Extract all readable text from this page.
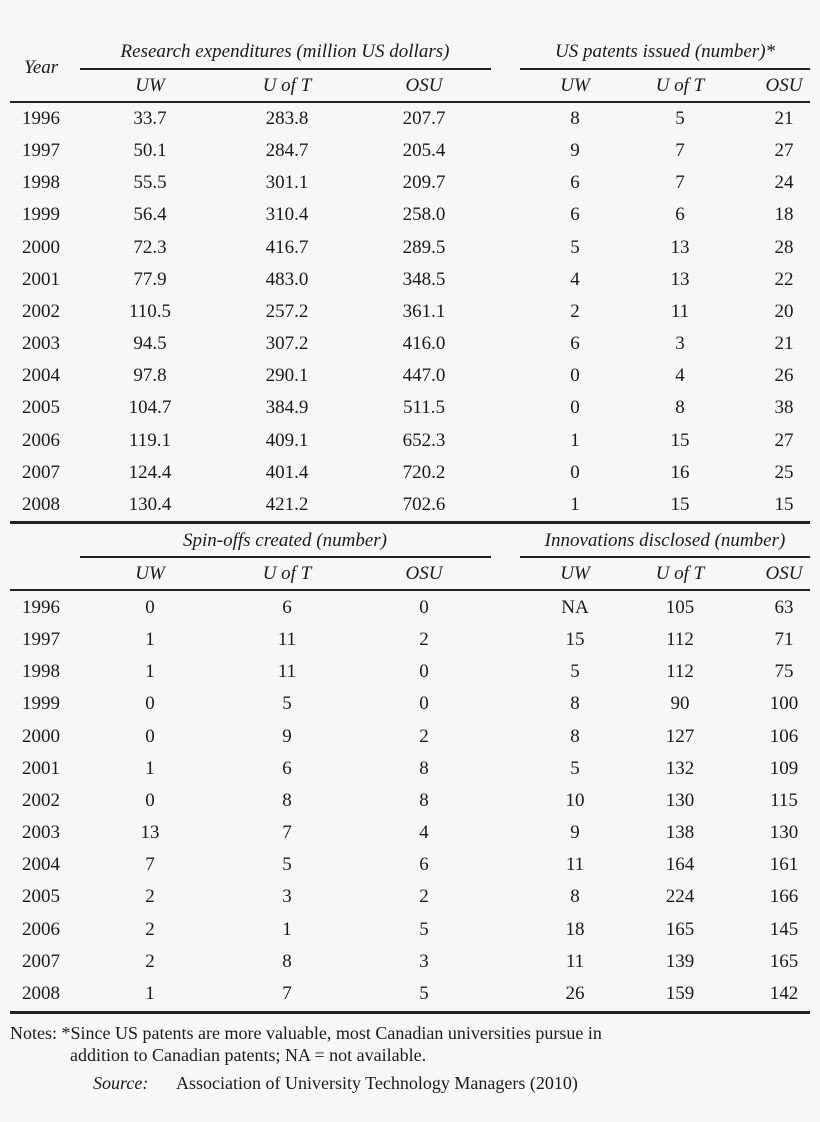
Year
Research expenditures (million US dollars)	US patents issued (number)*
UW	U of T	OSU	UW	U of T	OSU
1996	33.7	283.8	207.7	8	5	21
1997	50.1	284.7	205.4	9	7	27
1998	55.5	301.1	209.7	6	7	24
1999	56.4	310.4	258.0	6	6	18
2000	72.3	416.7	289.5	5	13	28
2001	77.9	483.0	348.5	4	13	22
2002	110.5	257.2	361.1	2	11	20
2003	94.5	307.2	416.0	6	3	21
2004	97.8	290.1	447.0	0	4	26
2005	104.7	384.9	511.5	0	8	38
2006	119.1	409.1	652.3	1	15	27
2007	124.4	401.4	720.2	0	16	25
2008	130.4	421.2	702.6	1	15	15
Spin-offs created (number)	Innovations disclosed (number)
UW	U of T	OSU	UW	U of T	OSU
1996	0	6	0	NA	105	63
1997	1	11	2	15	112	71
1998	1	11	0	5	112	75
1999	0	5	0	8	90	100
2000	0	9	2	8	127	106
2001	1	6	8	5	132	109
2002	0	8	8	10	130	115
2003	13	7	4	9	138	130
2004	7	5	6	11	164	161
2005	2	3	2	8	224	166
2006	2	1	5	18	165	145
2007	2	8	3	11	139	165
2008	1	7	5	26	159	142
Notes: *Since US patents are more valuable, most Canadian universities pursue in
addition to Canadian patents; NA = not available.
Source: Association of University Technology Managers (2010)
